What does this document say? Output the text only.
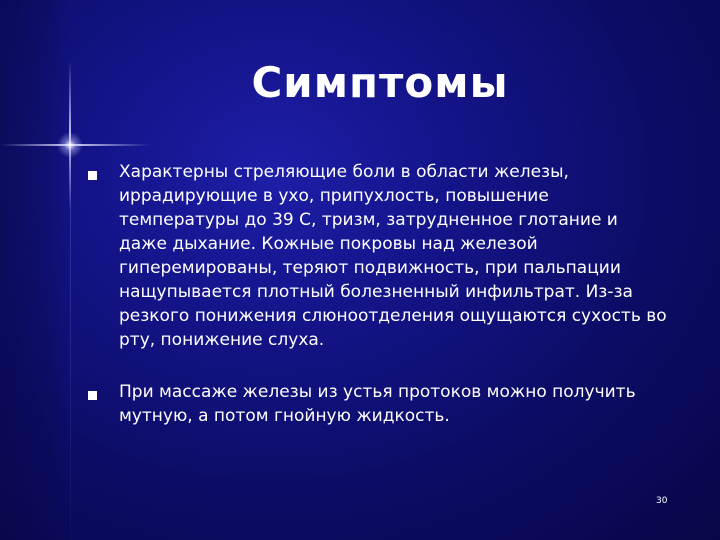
Симптомы
Характерны стреляющие боли в области железы, иррадирующие в ухо, припухлость, повышение температуры до 39 С, тризм, затрудненное глотание и даже дыхание. Кожные покровы над железой гиперемированы, теряют подвижность, при пальпации нащупывается плотный болезненный инфильтрат. Из-за резкого понижения слюноотделения ощущаются сухость во рту, понижение слуха.
При массаже железы из устья протоков можно получить мутную, а потом гнойную жидкость.
30
